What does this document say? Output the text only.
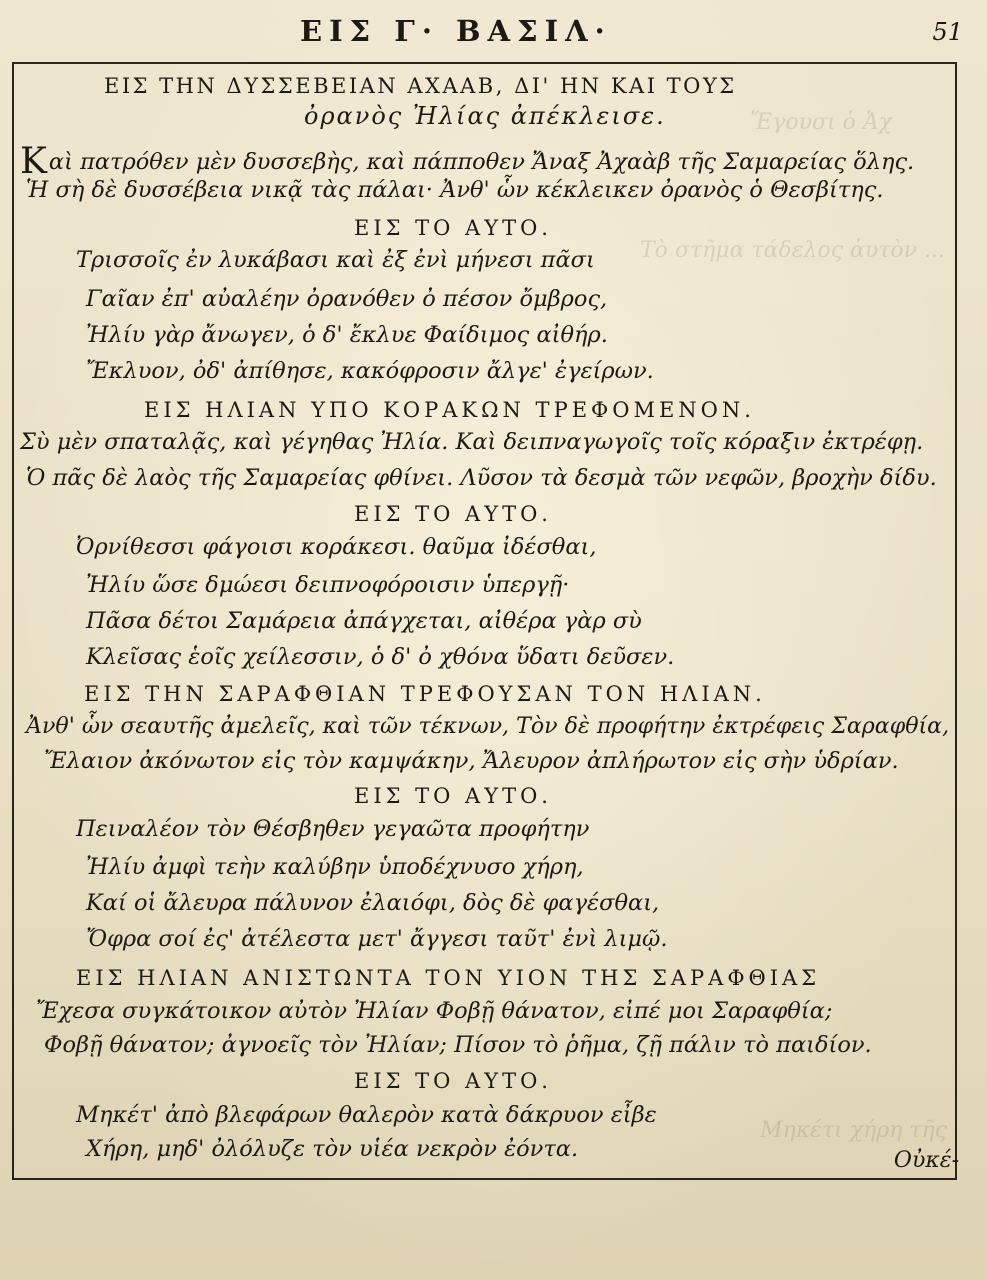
ΕΙΣ Γ· ΒΑΣΙΛ·	51
Ἔγουσι ὁ Ἀχ
Τὸ στῆμα τάδελος ἀυτὸν ...
Μηκέτι χήρη τῆς
ΕΙΣ ΤΗΝ ΔΥΣΣΕΒΕΙΑΝ ΑΧΑΑΒ, ΔΙ' ΗΝ ΚΑΙ ΤΟΥΣ
ὀρανὸς Ἠλίας ἀπέκλεισε.
Καὶ πατρόθεν μὲν δυσσεβὴς, καὶ πάπποθεν Ἄναξ Ἀχαὰβ τῆς Σαμαρείας ὅλης.
Ἡ σὴ δὲ δυσσέβεια νικᾷ τὰς πάλαι· Ἀνθ' ὧν κέκλεικεν ὀρανὸς ὁ Θεσβίτης.
ΕΙΣ ΤΟ ΑΥΤΟ.
Τρισσοῖς ἐν λυκάβασι καὶ ἐξ ἐνὶ μήνεσι πᾶσι
Γαῖαν ἐπ' αὐαλέην ὀρανόθεν ὀ πέσον ὄμβρος,
Ἠλίυ γὰρ ἄνωγεν, ὁ δ' ἔκλυε Φαίδιμος αἰθήρ.
Ἔκλυον, ὀδ' ἀπίθησε, κακόφροσιν ἄλγε' ἐγείρων.
ΕΙΣ ΗΛΙΑΝ ΥΠΟ ΚΟΡΑΚΩΝ ΤΡΕΦΟΜΕΝΟΝ.
Σὺ μὲν σπαταλᾷς, καὶ γέγηθας Ἠλία. Καὶ δειπναγωγοῖς τοῖς κόραξιν ἐκτρέφῃ.
Ὁ πᾶς δὲ λαὸς τῆς Σαμαρείας φθίνει. Λῦσον τὰ δεσμὰ τῶν νεφῶν, βροχὴν δίδυ.
ΕΙΣ ΤΟ ΑΥΤΟ.
Ὀρνίθεσσι φάγοισι κοράκεσι. θαῦμα ἰδέσθαι,
Ἠλίυ ὥσε δμώεσι δειπνοφόροισιν ὑπεργῇ·
Πᾶσα δέτοι Σαμάρεια ἀπάγχεται, αἰθέρα γὰρ σὺ
Κλεῖσας ἑοῖς χείλεσσιν, ὁ δ' ὀ χθόνα ὕδατι δεῦσεν.
ΕΙΣ ΤΗΝ ΣΑΡΑΦΘΙΑΝ ΤΡΕΦΟΥΣΑΝ ΤΟΝ ΗΛΙΑΝ.
Ἀνθ' ὧν σεαυτῆς ἀμελεῖς, καὶ τῶν τέκνων, Τὸν δὲ προφήτην ἐκτρέφεις Σαραφθία,
Ἔλαιον ἀκόνωτον εἰς τὸν καμψάκην, Ἄλευρον ἀπλήρωτον εἰς σὴν ὑδρίαν.
ΕΙΣ ΤΟ ΑΥΤΟ.
Πειναλέον τὸν Θέσβηθεν γεγαῶτα προφήτην
Ἠλίυ ἀμφὶ τεὴν καλύβην ὑποδέχνυσο χήρη,
Καί οἱ ἄλευρα πάλυνον ἐλαιόφι, δὸς δὲ φαγέσθαι,
Ὄφρα σοί ἐς' ἀτέλεστα μετ' ἄγγεσι ταῦτ' ἐνὶ λιμῷ.
ΕΙΣ ΗΛΙΑΝ ΑΝΙΣΤΩΝΤΑ ΤΟΝ ΥΙΟΝ ΤΗΣ ΣΑΡΑΦΘΙΑΣ
Ἔχεσα συγκάτοικον αὐτὸν Ἠλίαν Φοβῇ θάνατον, εἰπέ μοι Σαραφθία;
Φοβῇ θάνατον; ἀγνοεῖς τὸν Ἠλίαν; Πίσον τὸ ῥῆμα, ζῇ πάλιν τὸ παιδίον.
ΕΙΣ ΤΟ ΑΥΤΟ.
Μηκέτ' ἀπὸ βλεφάρων θαλερὸν κατὰ δάκρυον εἶβε
Χήρη, μηδ' ὀλόλυζε τὸν υἱέα νεκρὸν ἐόντα.	Οὐκέ-
